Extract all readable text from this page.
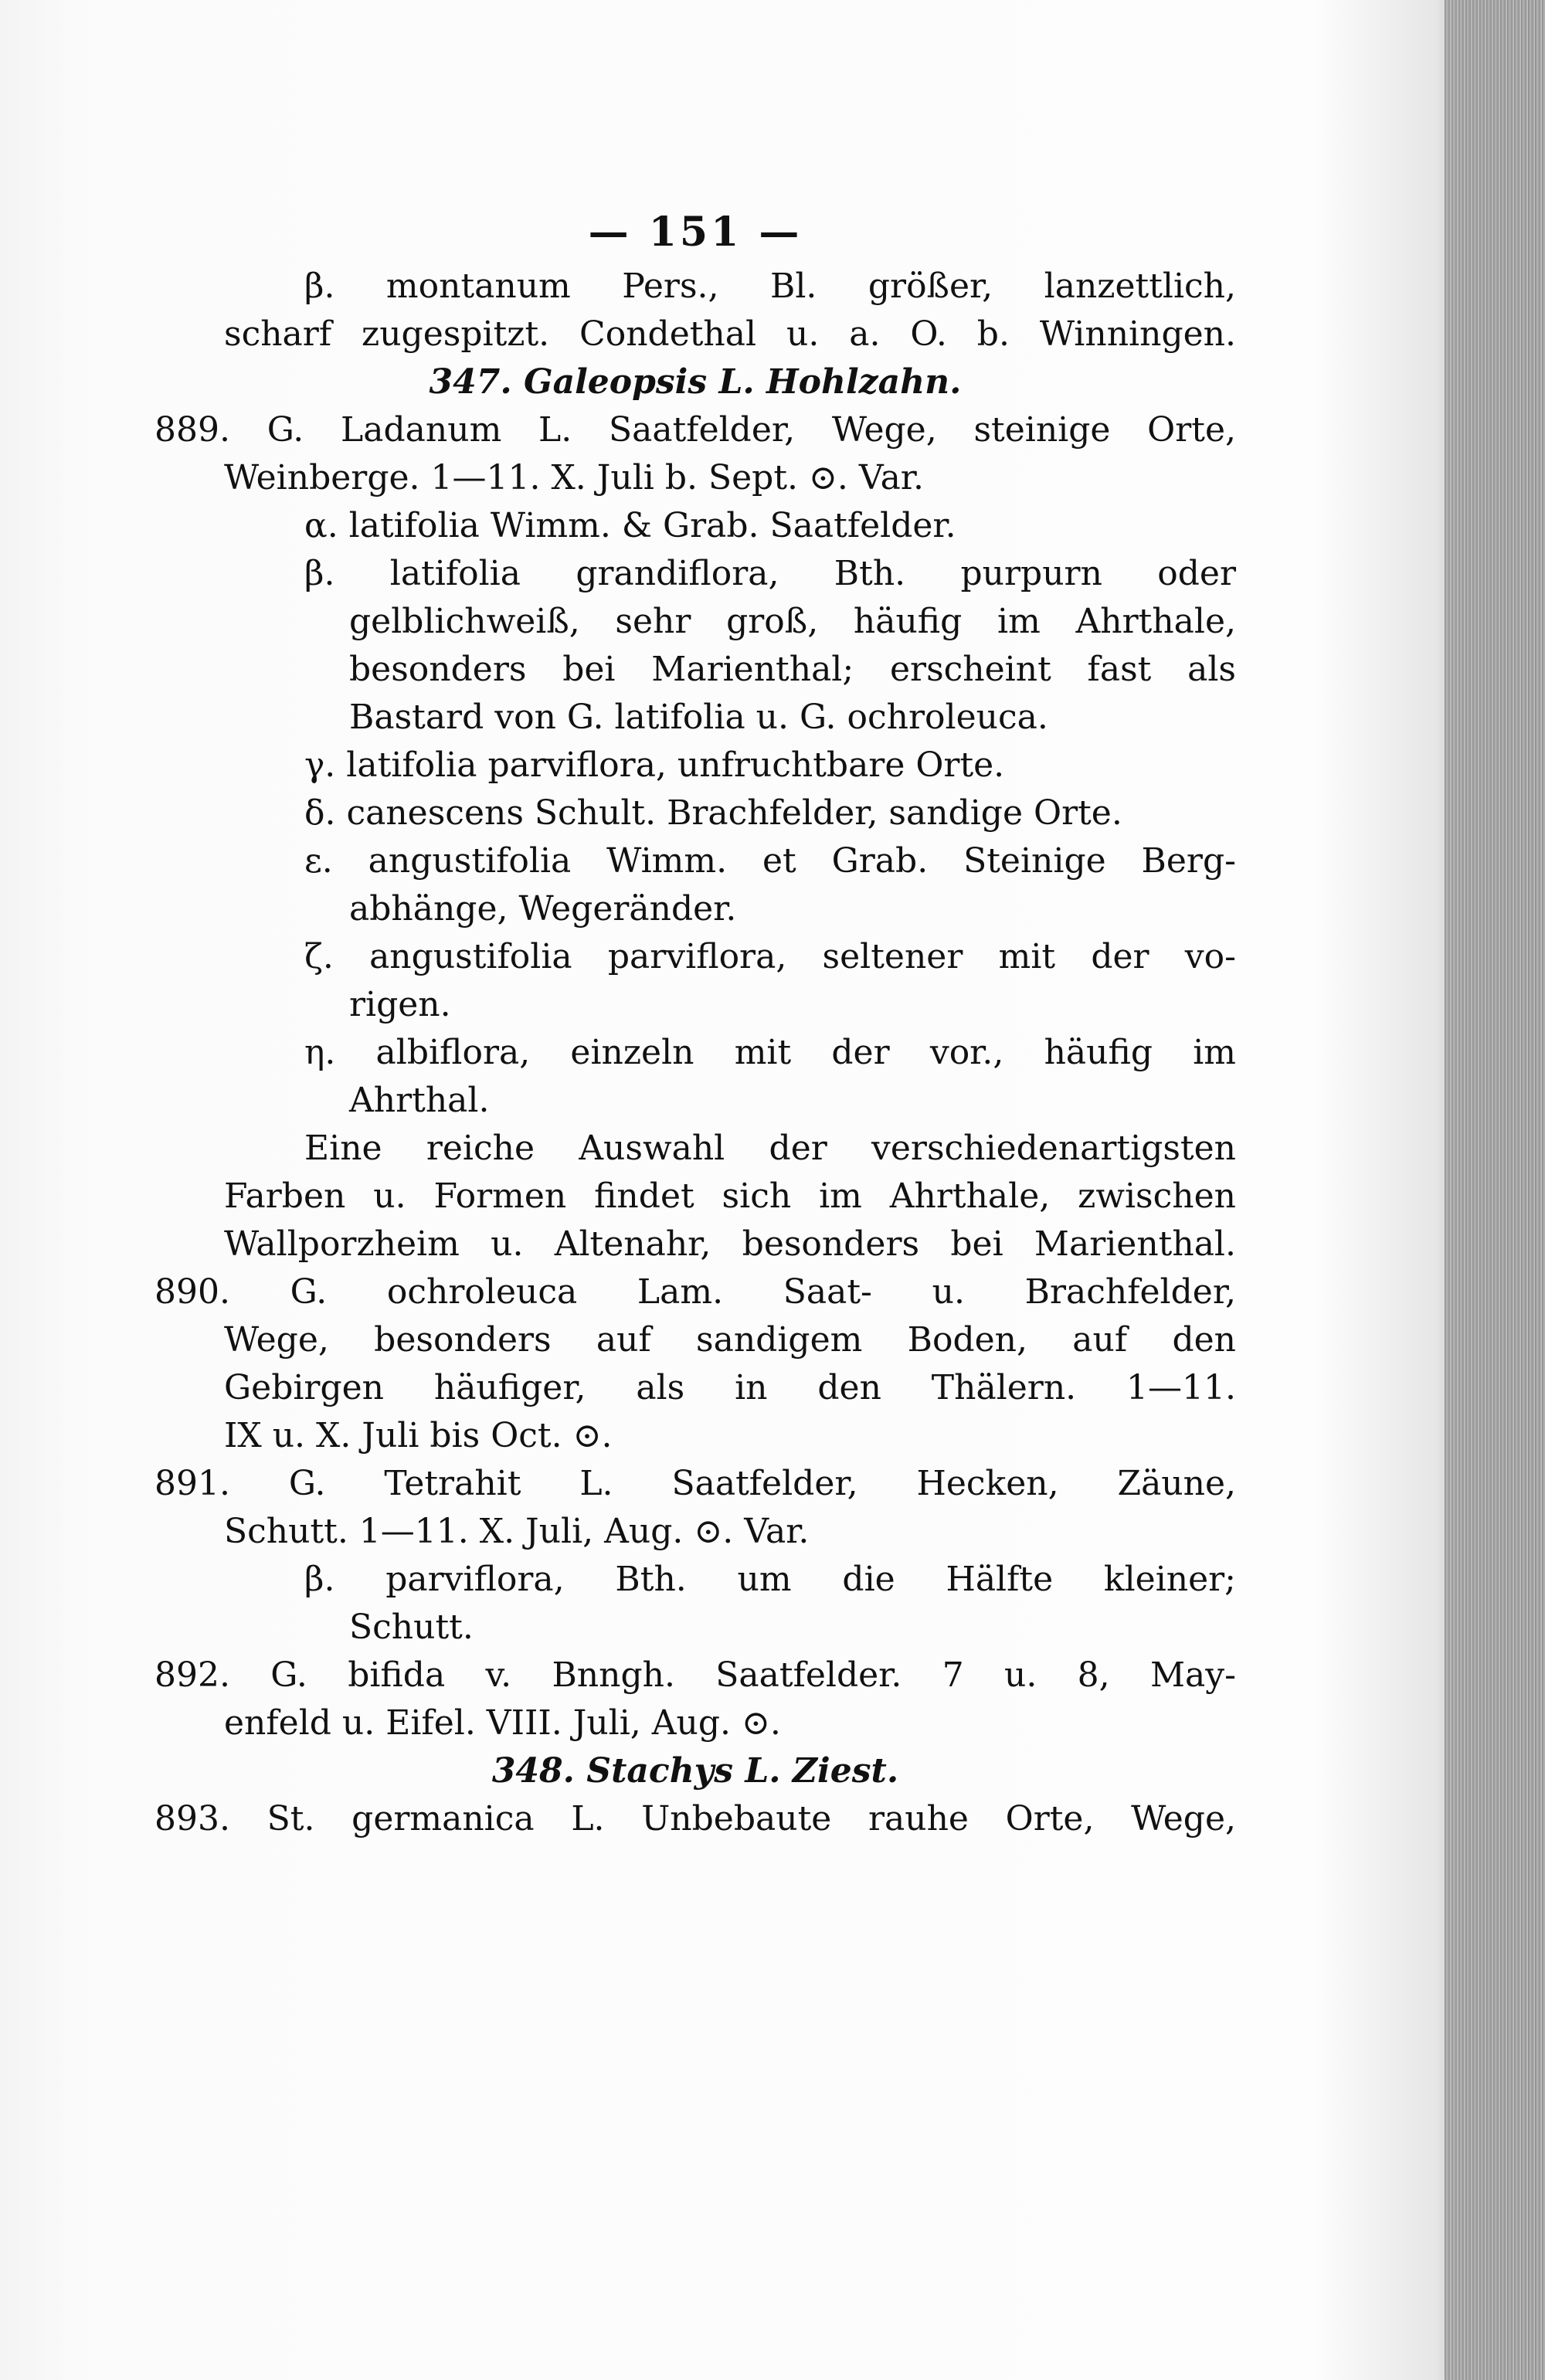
— 151 —
β. montanum Pers., Bl. größer, lanzettlich,
scharf zugespitzt. Condethal u. a. O. b. Winningen.
347. Galeopsis L. Hohlzahn.
889. G. Ladanum L. Saatfelder, Wege, steinige Orte,
Weinberge. 1—11. X. Juli b. Sept. ⊙. Var.
α. latifolia Wimm. & Grab. Saatfelder.
β. latifolia grandiflora, Bth. purpurn oder
gelblichweiß, sehr groß, häufig im Ahrthale,
besonders bei Marienthal; erscheint fast als
Bastard von G. latifolia u. G. ochroleuca.
γ. latifolia parviflora, unfruchtbare Orte.
δ. canescens Schult. Brachfelder, sandige Orte.
ε. angustifolia Wimm. et Grab. Steinige Berg-
abhänge, Wegeränder.
ζ. angustifolia parviflora, seltener mit der vo-
rigen.
η. albiflora, einzeln mit der vor., häufig im
Ahrthal.
Eine reiche Auswahl der verschiedenartigsten
Farben u. Formen findet sich im Ahrthale, zwischen
Wallporzheim u. Altenahr, besonders bei Marienthal.
890. G. ochroleuca Lam. Saat- u. Brachfelder,
Wege, besonders auf sandigem Boden, auf den
Gebirgen häufiger, als in den Thälern. 1—11.
IX u. X. Juli bis Oct. ⊙.
891. G. Tetrahit L. Saatfelder, Hecken, Zäune,
Schutt. 1—11. X. Juli, Aug. ⊙. Var.
β. parviflora, Bth. um die Hälfte kleiner;
Schutt.
892. G. bifida v. Bnngh. Saatfelder. 7 u. 8, May-
enfeld u. Eifel. VIII. Juli, Aug. ⊙.
348. Stachys L. Ziest.
893. St. germanica L. Unbebaute rauhe Orte, Wege,
